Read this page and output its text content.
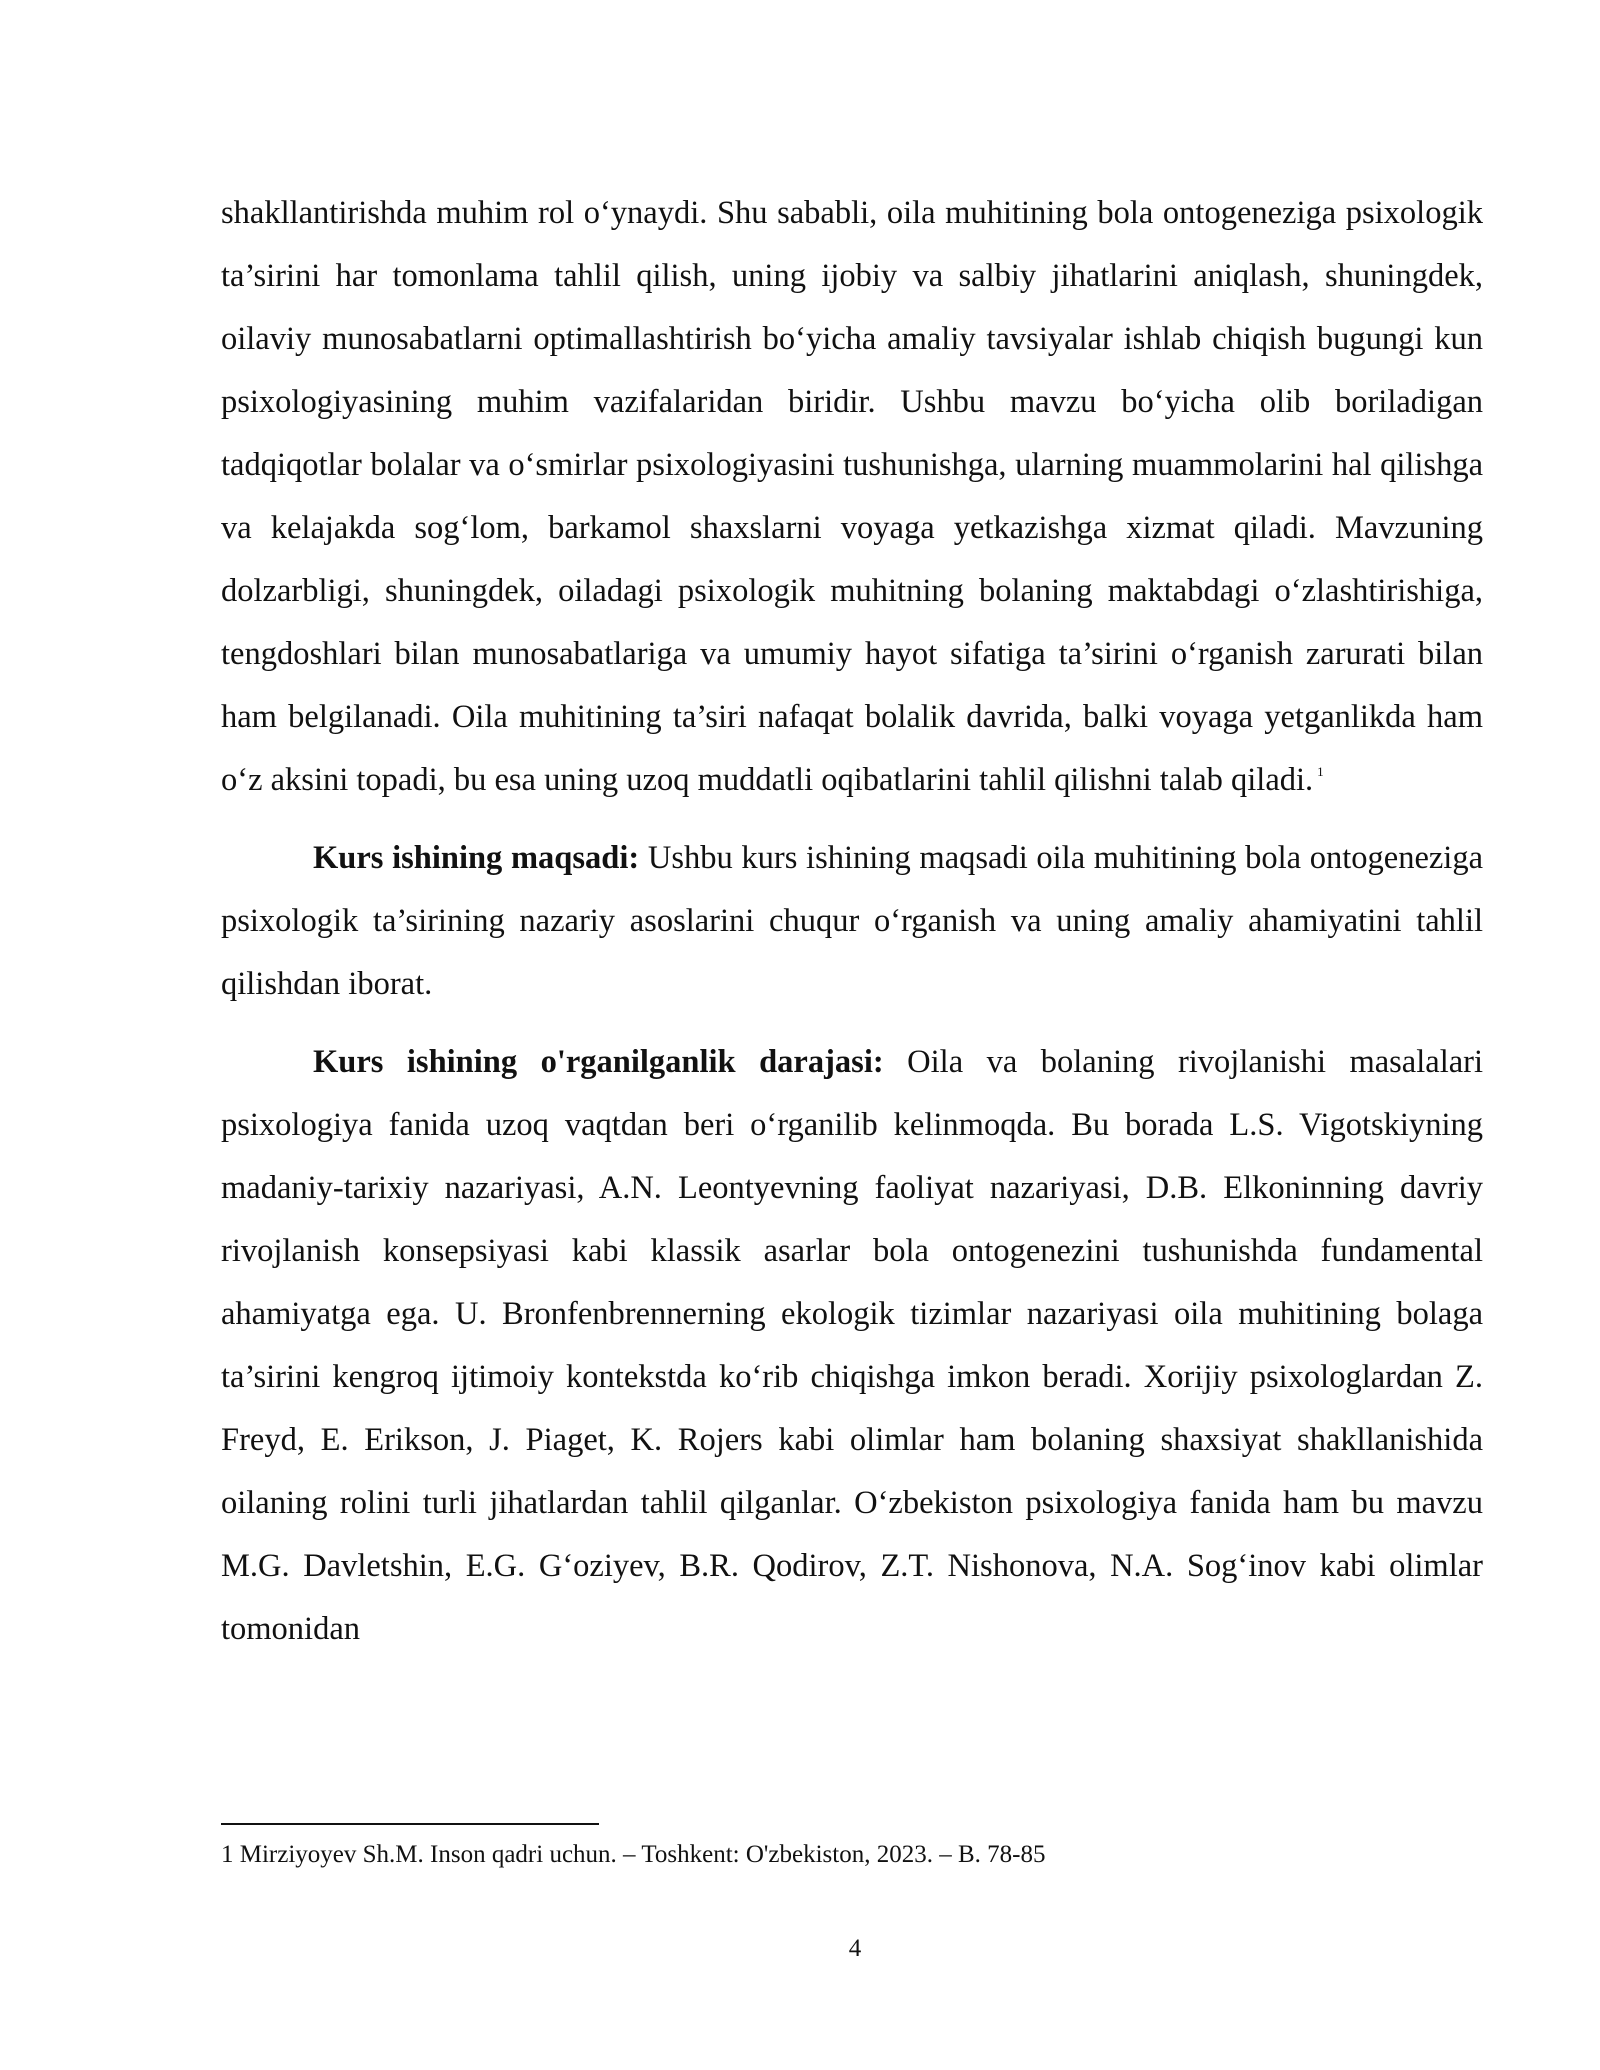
shakllantirishda muhim rol o‘ynaydi. Shu sababli, oila muhitining bola ontogeneziga psixologik ta’sirini har tomonlama tahlil qilish, uning ijobiy va salbiy jihatlarini aniqlash, shuningdek, oilaviy munosabatlarni optimallashtirish bo‘yicha amaliy tavsiyalar ishlab chiqish bugungi kun psixologiyasining muhim vazifalaridan biridir. Ushbu mavzu bo‘yicha olib boriladigan tadqiqotlar bolalar va o‘smirlar psixologiyasini tushunishga, ularning muammolarini hal qilishga va kelajakda sog‘lom, barkamol shaxslarni voyaga yetkazishga xizmat qiladi. Mavzuning dolzarbligi, shuningdek, oiladagi psixologik muhitning bolaning maktabdagi o‘zlashtirishiga, tengdoshlari bilan munosabatlariga va umumiy hayot sifatiga ta’sirini o‘rganish zarurati bilan ham belgilanadi. Oila muhitining ta’siri nafaqat bolalik davrida, balki voyaga yetganlikda ham o‘z aksini topadi, bu esa uning uzoq muddatli oqibatlarini tahlil qilishni talab qiladi. $^1$

Kurs ishining maqsadi: Ushbu kurs ishining maqsadi oila muhitining bola ontogeneziga psixologik ta’sirining nazariy asoslarini chuqur o‘rganish va uning amaliy ahamiyatini tahlil qilishdan iborat.

Kurs ishining o'rganilganlik darajasi: Oila va bolaning rivojlanishi masalalari psixologiya fanida uzoq vaqtdan beri o‘rganilib kelinmoqda. Bu borada L.S. Vigotskiyning madaniy-tarixiy nazariyasi, A.N. Leontyevning faoliyat nazariyasi, D.B. Elkoninning davriy rivojlanish konsepsiyasi kabi klassik asarlar bola ontogenezini tushunishda fundamental ahamiyatga ega. U. Bronfenbrennerning ekologik tizimlar nazariyasi oila muhitining bolaga ta’sirini kengroq ijtimoiy kontekstda ko‘rib chiqishga imkon beradi. Xorijiy psixologlardan Z. Freyd, E. Erikson, J. Piaget, K. Rojers kabi olimlar ham bolaning shaxsiyat shakllanishida oilaning rolini turli jihatlardan tahlil qilganlar. O‘zbekiston psixologiya fanida ham bu mavzu M.G. Davletshin, E.G. G‘oziyev, B.R. Qodirov, Z.T. Nishonova, N.A. Sog‘inov kabi olimlar tomonidan

1 Mirziyoyev Sh.M. Inson qadri uchun. – Toshkent: O'zbekiston, 2023. – B. 78-85

4
